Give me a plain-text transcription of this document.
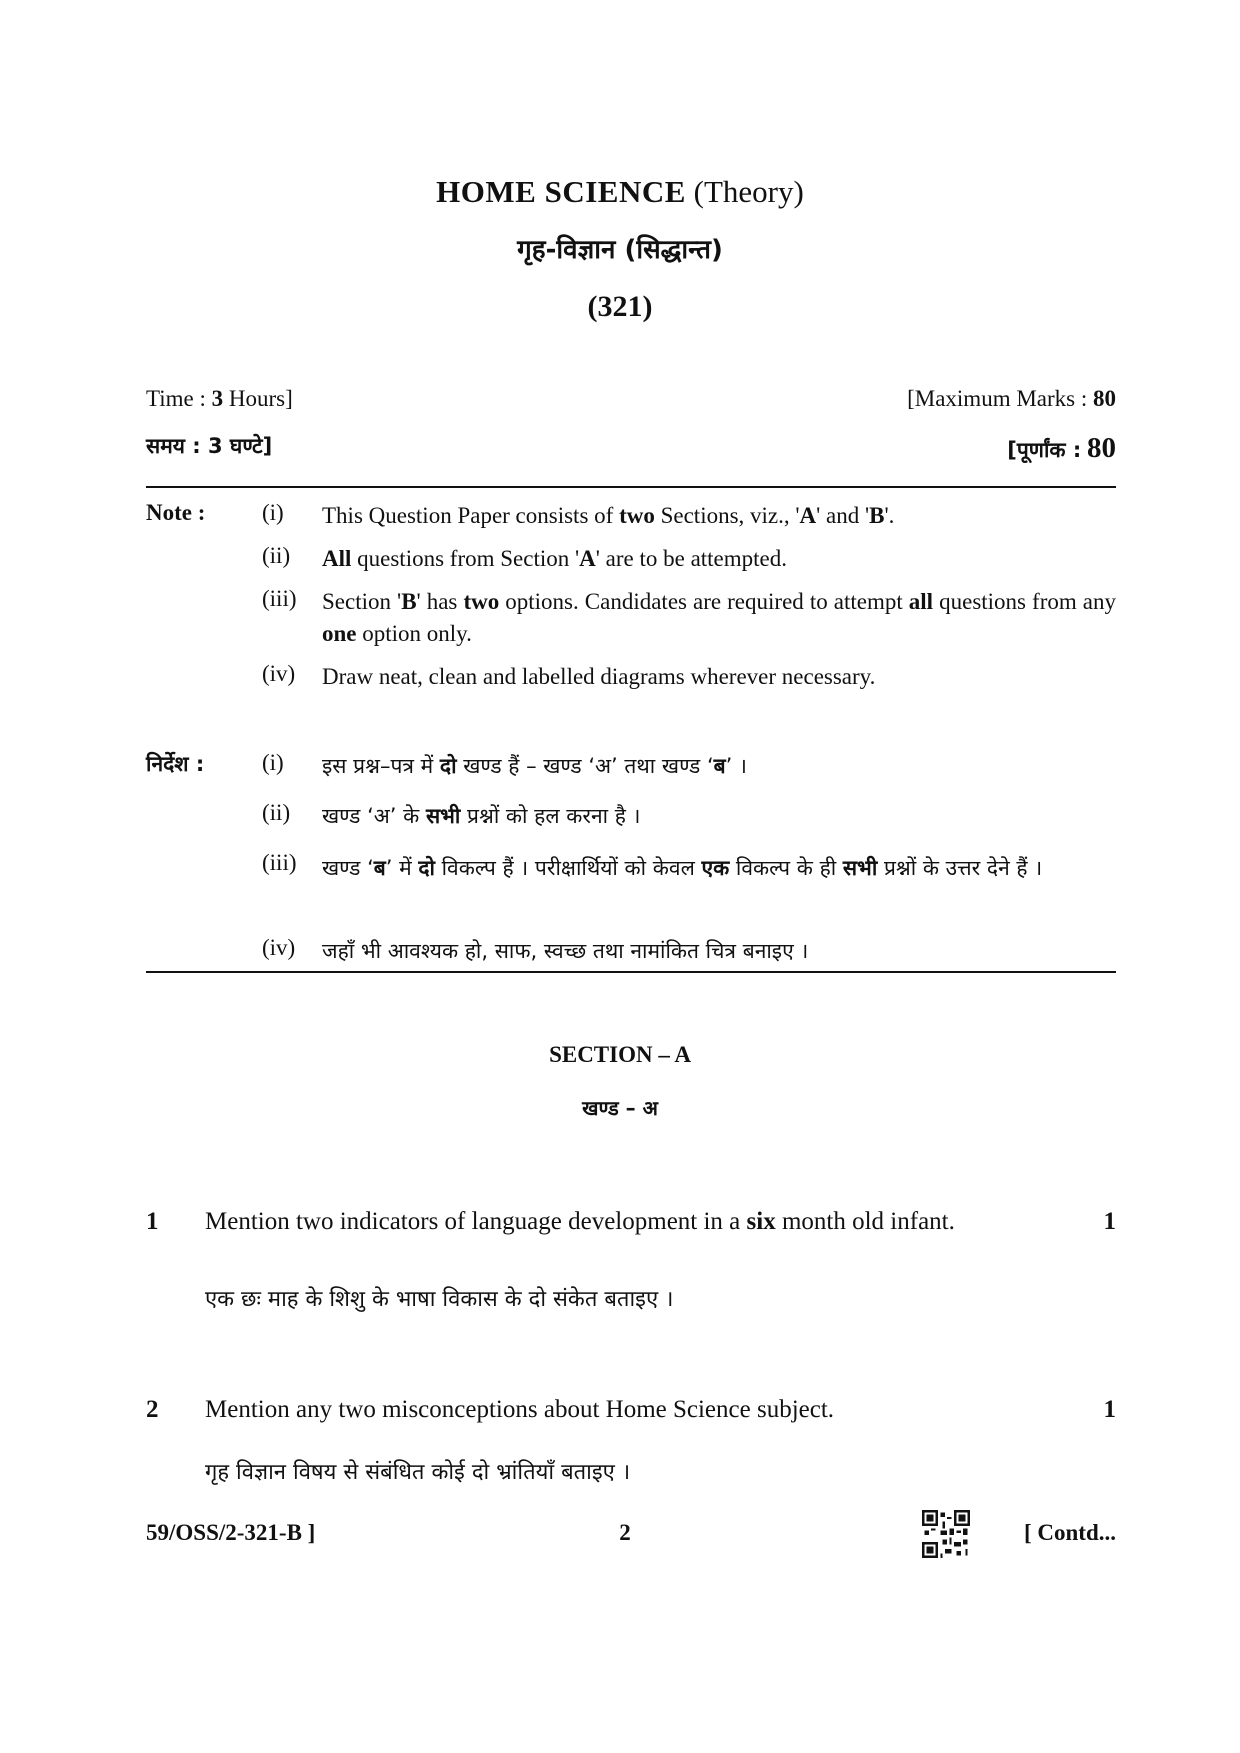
HOME SCIENCE (Theory)
गृह-विज्ञान (सिद्धान्त)
(321)
Time : 3 Hours]	[Maximum Marks : 80
समय : 3 घण्टे]	[पूर्णांक : 80
Note : (i) This Question Paper consists of two Sections, viz., 'A' and 'B'.
(ii) All questions from Section 'A' are to be attempted.
(iii) Section 'B' has two options. Candidates are required to attempt all questions from any one option only.
(iv) Draw neat, clean and labelled diagrams wherever necessary.
निर्देश :	(i) इस प्रश्न–पत्र में दो खण्ड हैं – खण्ड ‘अ’ तथा खण्ड ‘ब’ ।
(ii) खण्ड ‘अ’ के सभी प्रश्नों को हल करना है ।
(iii) खण्ड ‘ब’ में दो विकल्प हैं । परीक्षार्थियों को केवल एक विकल्प के ही सभी प्रश्नों के उत्तर देने हैं ।
(iv) जहाँ भी आवश्यक हो, साफ, स्वच्छ तथा नामांकित चित्र बनाइए ।
SECTION – A
खण्ड – अ
1 Mention two indicators of language development in a six month old infant.	1
एक छः माह के शिशु के भाषा विकास के दो संकेत बताइए ।
2 Mention any two misconceptions about Home Science subject.	1
गृह विज्ञान विषय से संबंधित कोई दो भ्रांतियाँ बताइए ।
59/OSS/2-321-B ]	2	[ Contd...
